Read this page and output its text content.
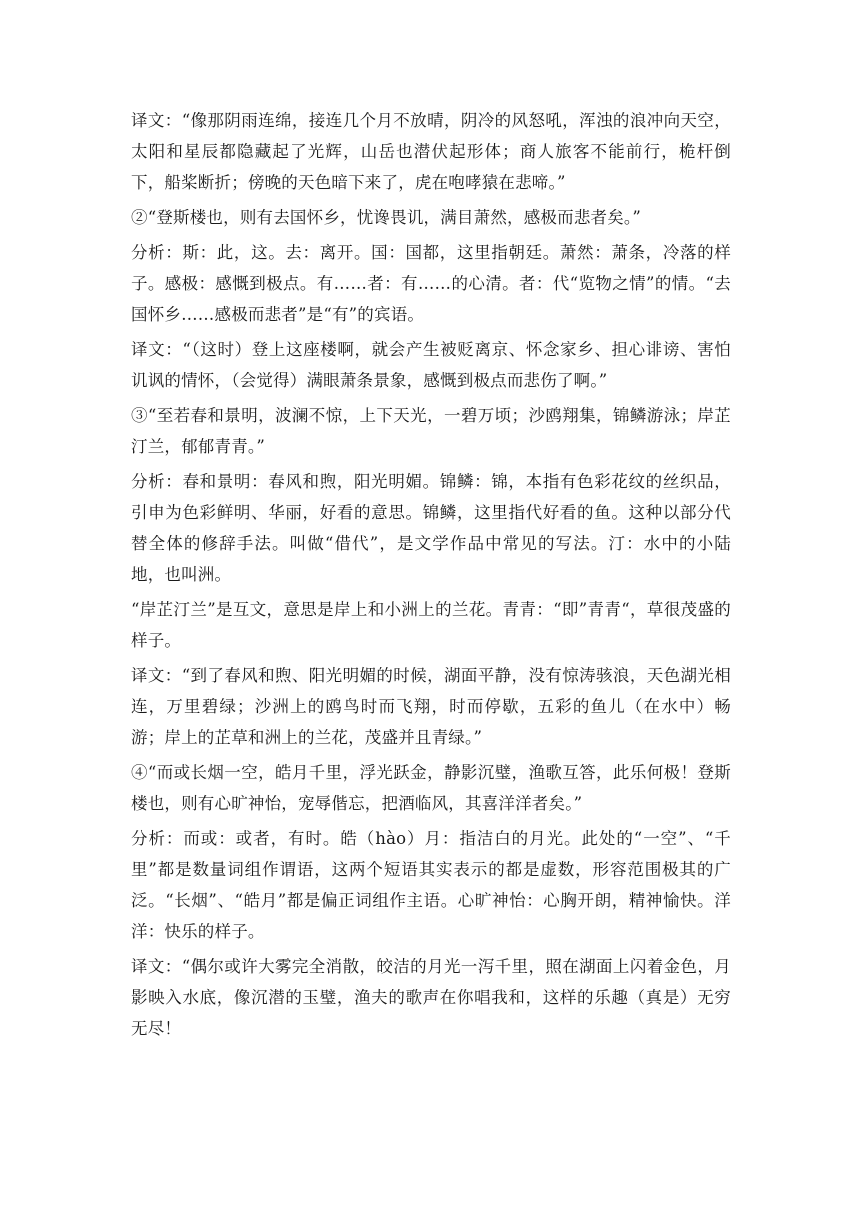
译文：“像那阴雨连绵，接连几个月不放晴，阴冷的风怒吼，浑浊的浪冲向天空，太阳和星辰都隐藏起了光辉，山岳也潜伏起形体；商人旅客不能前行，桅杆倒下，船桨断折；傍晚的天色暗下来了，虎在咆哮猿在悲啼。”

②“登斯楼也，则有去国怀乡，忧谗畏讥，满目萧然，感极而悲者矣。”

分析：斯：此，这。去：离开。国：国都，这里指朝廷。萧然：萧条，冷落的样子。感极：感慨到极点。有……者：有……的心清。者：代“览物之情”的情。“去国怀乡……感极而悲者”是“有”的宾语。

译文：“（这时）登上这座楼啊，就会产生被贬离京、怀念家乡、担心诽谤、害怕讥讽的情怀，（会觉得）满眼萧条景象，感慨到极点而悲伤了啊。”

③“至若春和景明，波澜不惊，上下天光，一碧万顷；沙鸥翔集，锦鳞游泳；岸芷汀兰，郁郁青青。”

分析：春和景明：春风和煦，阳光明媚。锦鳞：锦，本指有色彩花纹的丝织品，引申为色彩鲜明、华丽，好看的意思。锦鳞，这里指代好看的鱼。这种以部分代替全体的修辞手法。叫做“借代”，是文学作品中常见的写法。汀：水中的小陆地，也叫洲。

“岸芷汀兰”是互文，意思是岸上和小洲上的兰花。青青：“即”青青“，草很茂盛的样子。

译文：“到了春风和煦、阳光明媚的时候，湖面平静，没有惊涛骇浪，天色湖光相连，万里碧绿；沙洲上的鸥鸟时而飞翔，时而停歇，五彩的鱼儿（在水中）畅游；岸上的芷草和洲上的兰花，茂盛并且青绿。”

④“而或长烟一空，皓月千里，浮光跃金，静影沉璧，渔歌互答，此乐何极！登斯楼也，则有心旷神怡，宠辱偕忘，把酒临风，其喜洋洋者矣。”

分析：而或：或者，有时。皓（hào）月：指洁白的月光。此处的“一空”、“千里”都是数量词组作谓语，这两个短语其实表示的都是虚数，形容范围极其的广泛。“长烟”、“皓月”都是偏正词组作主语。心旷神怡：心胸开朗，精神愉快。洋洋：快乐的样子。

译文：“偶尔或许大雾完全消散，皎洁的月光一泻千里，照在湖面上闪着金色，月影映入水底，像沉潜的玉璧，渔夫的歌声在你唱我和，这样的乐趣（真是）无穷无尽！
